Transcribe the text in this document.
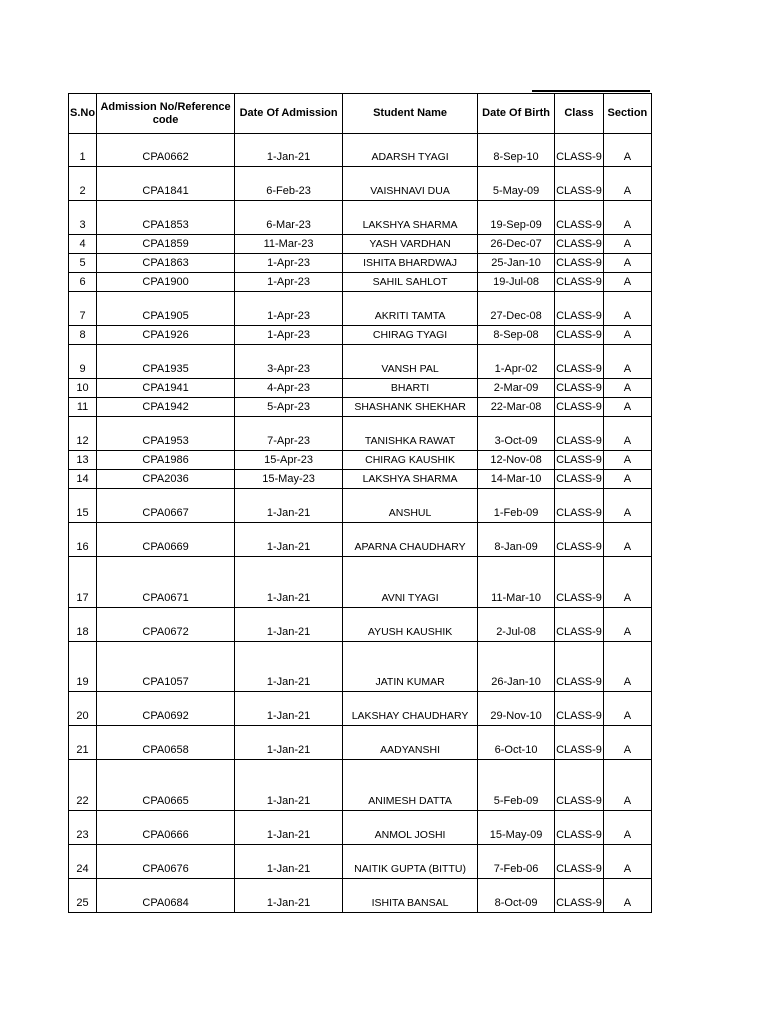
S.No	Admission No/Reference code	Date Of Admission	Student Name	Date Of Birth	Class	Section
1	CPA0662	1-Jan-21	ADARSH TYAGI	8-Sep-10	CLASS-9	A
2	CPA1841	6-Feb-23	VAISHNAVI DUA	5-May-09	CLASS-9	A
3	CPA1853	6-Mar-23	LAKSHYA SHARMA	19-Sep-09	CLASS-9	A
4	CPA1859	11-Mar-23	YASH VARDHAN	26-Dec-07	CLASS-9	A
5	CPA1863	1-Apr-23	ISHITA BHARDWAJ	25-Jan-10	CLASS-9	A
6	CPA1900	1-Apr-23	SAHIL SAHLOT	19-Jul-08	CLASS-9	A
7	CPA1905	1-Apr-23	AKRITI TAMTA	27-Dec-08	CLASS-9	A
8	CPA1926	1-Apr-23	CHIRAG TYAGI	8-Sep-08	CLASS-9	A
9	CPA1935	3-Apr-23	VANSH PAL	1-Apr-02	CLASS-9	A
10	CPA1941	4-Apr-23	BHARTI	2-Mar-09	CLASS-9	A
11	CPA1942	5-Apr-23	SHASHANK SHEKHAR	22-Mar-08	CLASS-9	A
12	CPA1953	7-Apr-23	TANISHKA RAWAT	3-Oct-09	CLASS-9	A
13	CPA1986	15-Apr-23	CHIRAG KAUSHIK	12-Nov-08	CLASS-9	A
14	CPA2036	15-May-23	LAKSHYA SHARMA	14-Mar-10	CLASS-9	A
15	CPA0667	1-Jan-21	ANSHUL	1-Feb-09	CLASS-9	A
16	CPA0669	1-Jan-21	APARNA CHAUDHARY	8-Jan-09	CLASS-9	A
17	CPA0671	1-Jan-21	AVNI TYAGI	11-Mar-10	CLASS-9	A
18	CPA0672	1-Jan-21	AYUSH KAUSHIK	2-Jul-08	CLASS-9	A
19	CPA1057	1-Jan-21	JATIN KUMAR	26-Jan-10	CLASS-9	A
20	CPA0692	1-Jan-21	LAKSHAY CHAUDHARY	29-Nov-10	CLASS-9	A
21	CPA0658	1-Jan-21	AADYANSHI	6-Oct-10	CLASS-9	A
22	CPA0665	1-Jan-21	ANIMESH DATTA	5-Feb-09	CLASS-9	A
23	CPA0666	1-Jan-21	ANMOL JOSHI	15-May-09	CLASS-9	A
24	CPA0676	1-Jan-21	NAITIK GUPTA (BITTU)	7-Feb-06	CLASS-9	A
25	CPA0684	1-Jan-21	ISHITA BANSAL	8-Oct-09	CLASS-9	A
